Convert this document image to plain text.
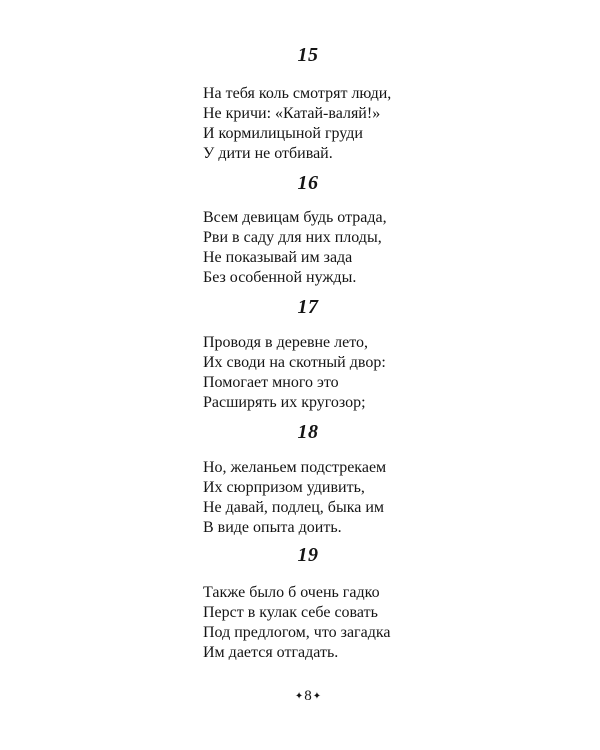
15
На тебя коль смотрят люди,
Не кричи: «Катай-валяй!»
И кормилицыной груди
У дити не отбивай.
16
Всем девицам будь отрада,
Рви в саду для них плоды,
Не показывай им зада
Без особенной нужды.
17
Проводя в деревне лето,
Их своди на скотный двор:
Помогает много это
Расширять их кругозор;
18
Но, желаньем подстрекаем
Их сюрпризом удивить,
Не давай, подлец, быка им
В виде опыта доить.
19
Также было б очень гадко
Перст в кулак себе совать
Под предлогом, что загадка
Им дается отгадать.
✦8✦
